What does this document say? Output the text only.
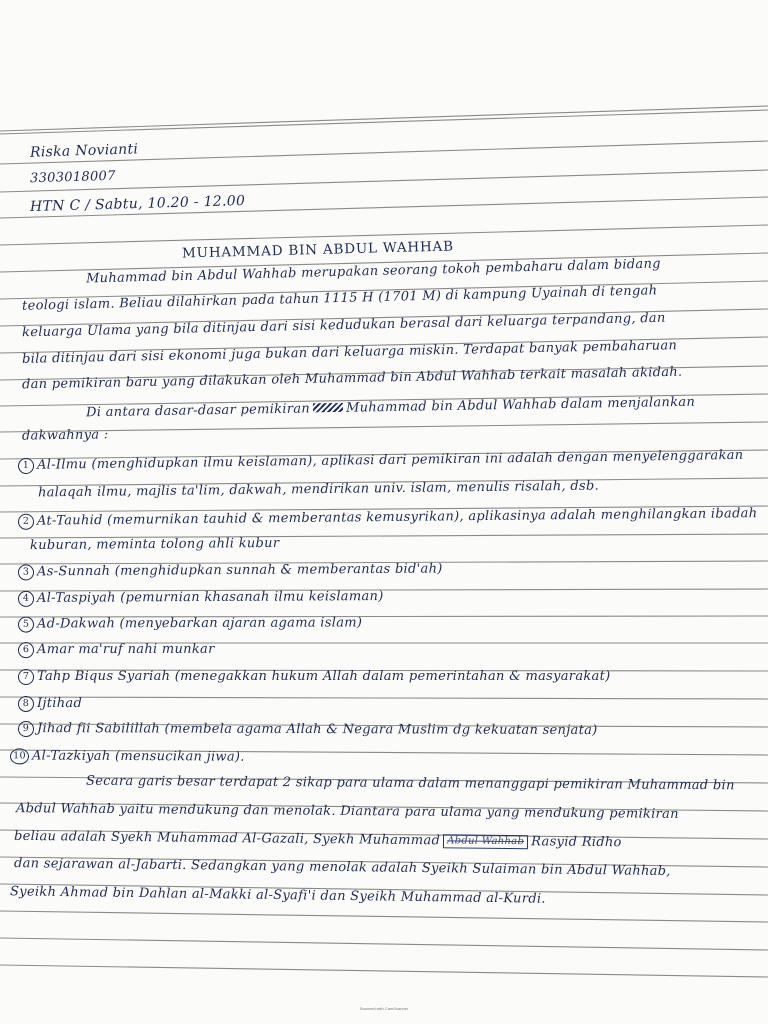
Riska Novianti
3303018007
HTN C / Sabtu, 10.20 - 12.00
MUHAMMAD BIN ABDUL WAHHAB
Muhammad bin Abdul Wahhab merupakan seorang tokoh pembaharu dalam bidang
teologi islam. Beliau dilahirkan pada tahun 1115 H (1701 M) di kampung Uyainah di tengah
keluarga Ulama yang bila ditinjau dari sisi kedudukan berasal dari keluarga terpandang, dan
bila ditinjau dari sisi ekonomi juga bukan dari keluarga miskin. Terdapat banyak pembaharuan
dan pemikiran baru yang dilakukan oleh Muhammad bin Abdul Wahhab terkait masalah akidah.
Di antara dasar-dasar pemikiran	Muhammad bin Abdul Wahhab dalam menjalankan
dakwahnya :
1 Al-Ilmu (menghidupkan ilmu keislaman), aplikasi dari pemikiran ini adalah dengan menyelenggarakan
halaqah ilmu, majlis ta'lim, dakwah, mendirikan univ. islam, menulis risalah, dsb.
2 At-Tauhid (memurnikan tauhid & memberantas kemusyrikan), aplikasinya adalah menghilangkan ibadah
kuburan, meminta tolong ahli kubur
3 As-Sunnah (menghidupkan sunnah & memberantas bid'ah)
4 Al-Taspiyah (pemurnian khasanah ilmu keislaman)
5 Ad-Dakwah (menyebarkan ajaran agama islam)
6 Amar ma'ruf nahi munkar
7 Tahp Biqus Syariah (menegakkan hukum Allah dalam pemerintahan & masyarakat)
8 Ijtihad
9 Jihad fii Sabilillah (membela agama Allah & Negara Muslim dg kekuatan senjata)
10 Al-Tazkiyah (mensucikan jiwa).
Secara garis besar terdapat 2 sikap para ulama dalam menanggapi pemikiran Muhammad bin
Abdul Wahhab yaitu mendukung dan menolak. Diantara para ulama yang mendukung pemikiran
beliau adalah Syekh Muhammad Al-Gazali, Syekh Muhammad Abdul Wahhab Rasyid Ridho
dan sejarawan al-Jabarti. Sedangkan yang menolak adalah Syeikh Sulaiman bin Abdul Wahhab,
Syeikh Ahmad bin Dahlan al-Makki al-Syafi'i dan Syeikh Muhammad al-Kurdi.
Scanned with CamScanner
